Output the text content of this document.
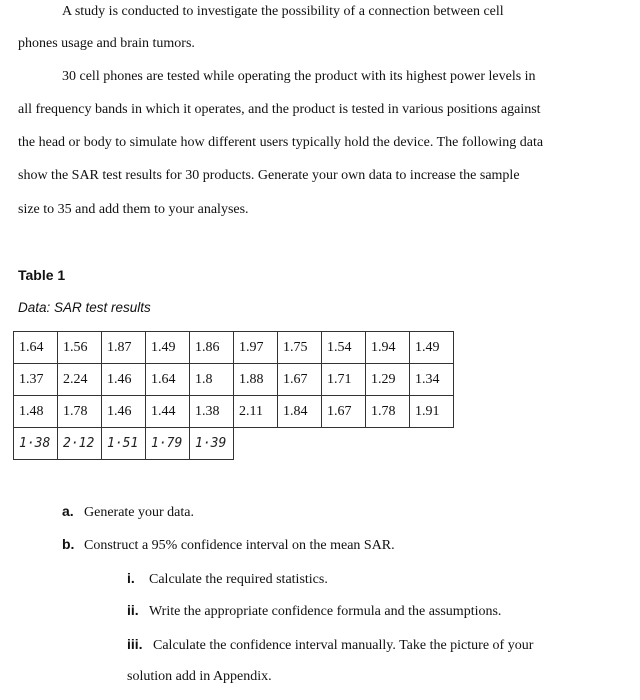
A study is conducted to investigate the possibility of a connection between cell
phones usage and brain tumors.
30 cell phones are tested while operating the product with its highest power levels in
all frequency bands in which it operates, and the product is tested in various positions against
the head or body to simulate how different users typically hold the device. The following data
show the SAR test results for 30 products. Generate your own data to increase the sample
size to 35 and add them to your analyses.
Table 1
Data: SAR test results
1.64	1.56	1.87	1.49	1.86	1.97	1.75	1.54	1.94	1.49
1.37	2.24	1.46	1.64	1.8	1.88	1.67	1.71	1.29	1.34
1.48	1.78	1.46	1.44	1.38	2.11	1.84	1.67	1.78	1.91
1·38	2·12	1·51	1·79	1·39					
a. Generate your data.
b. Construct a 95% confidence interval on the mean SAR.
i. Calculate the required statistics.
ii. Write the appropriate confidence formula and the assumptions.
iii. Calculate the confidence interval manually. Take the picture of your
solution add in Appendix.
